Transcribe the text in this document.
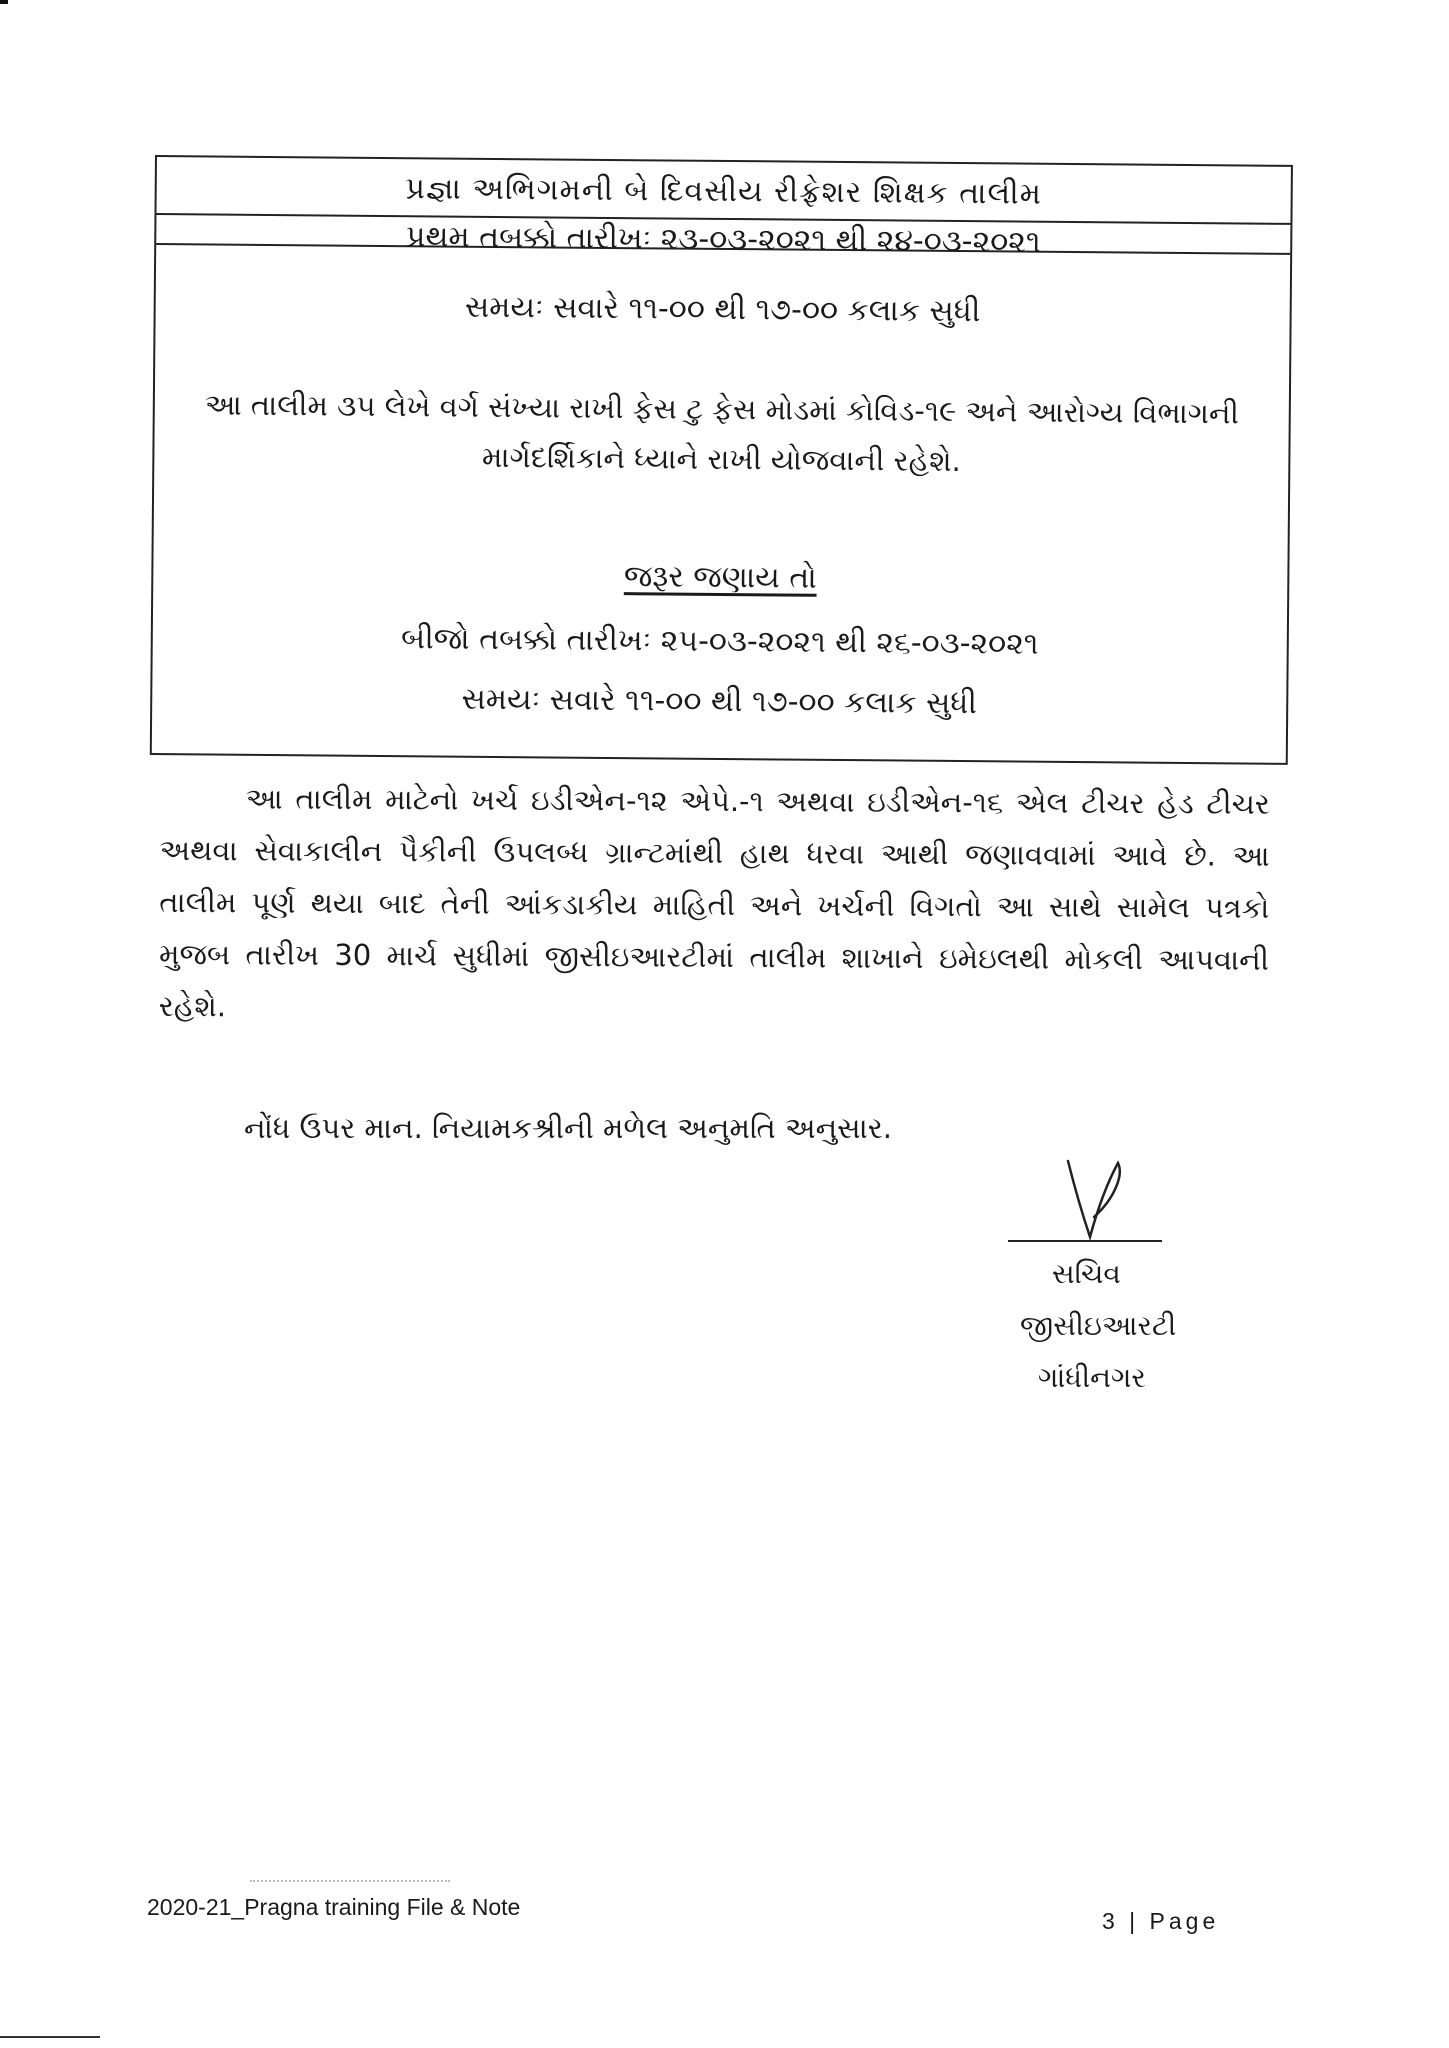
પ્રજ્ઞા અભિગમની બે દિવસીય રીફ્રેશર શિક્ષક તાલીમ
પ્રથમ તબક્કો તારીખઃ ૨૩-૦૩-૨૦૨૧ થી ૨૪-૦૩-૨૦૨૧
સમયઃ સવારે ૧૧-૦૦ થી ૧૭-૦૦ કલાક સુધી
આ તાલીમ ૩૫ લેખે વર્ગ સંખ્યા રાખી ફેસ ટુ ફેસ મોડમાં કોવિડ-૧૯ અને આરોગ્ય વિભાગની માર્ગદર્શિકાને ધ્યાને રાખી યોજવાની રહેશે.
જરૂર જણાય તો
બીજો તબક્કો તારીખઃ ૨૫-૦૩-૨૦૨૧ થી ૨૬-૦૩-૨૦૨૧
સમયઃ સવારે ૧૧-૦૦ થી ૧૭-૦૦ કલાક સુધી
આ તાલીમ માટેનો ખર્ચ ઇડીએન-૧૨ એપે.-૧ અથવા ઇડીએન-૧૬ એલ ટીચર હેડ ટીચર અથવા સેવાકાલીન પૈકીની ઉપલબ્ધ ગ્રાન્ટમાંથી હાથ ધરવા આથી જણાવવામાં આવે છે. આ તાલીમ પૂર્ણ થયા બાદ તેની આંકડાકીય માહિતી અને ખર્ચની વિગતો આ સાથે સામેલ પત્રકો મુજબ તારીખ 30 માર્ચ સુધીમાં જીસીઇઆરટીમાં તાલીમ શાખાને ઇમેઇલથી મોકલી આપવાની રહેશે.
નોંધ ઉપર માન. નિયામકશ્રીની મળેલ અનુમતિ અનુસાર.
સચિવ
જીસીઇઆરટી
ગાંધીનગર
2020-21_Pragna training File & Note
3 | Page
